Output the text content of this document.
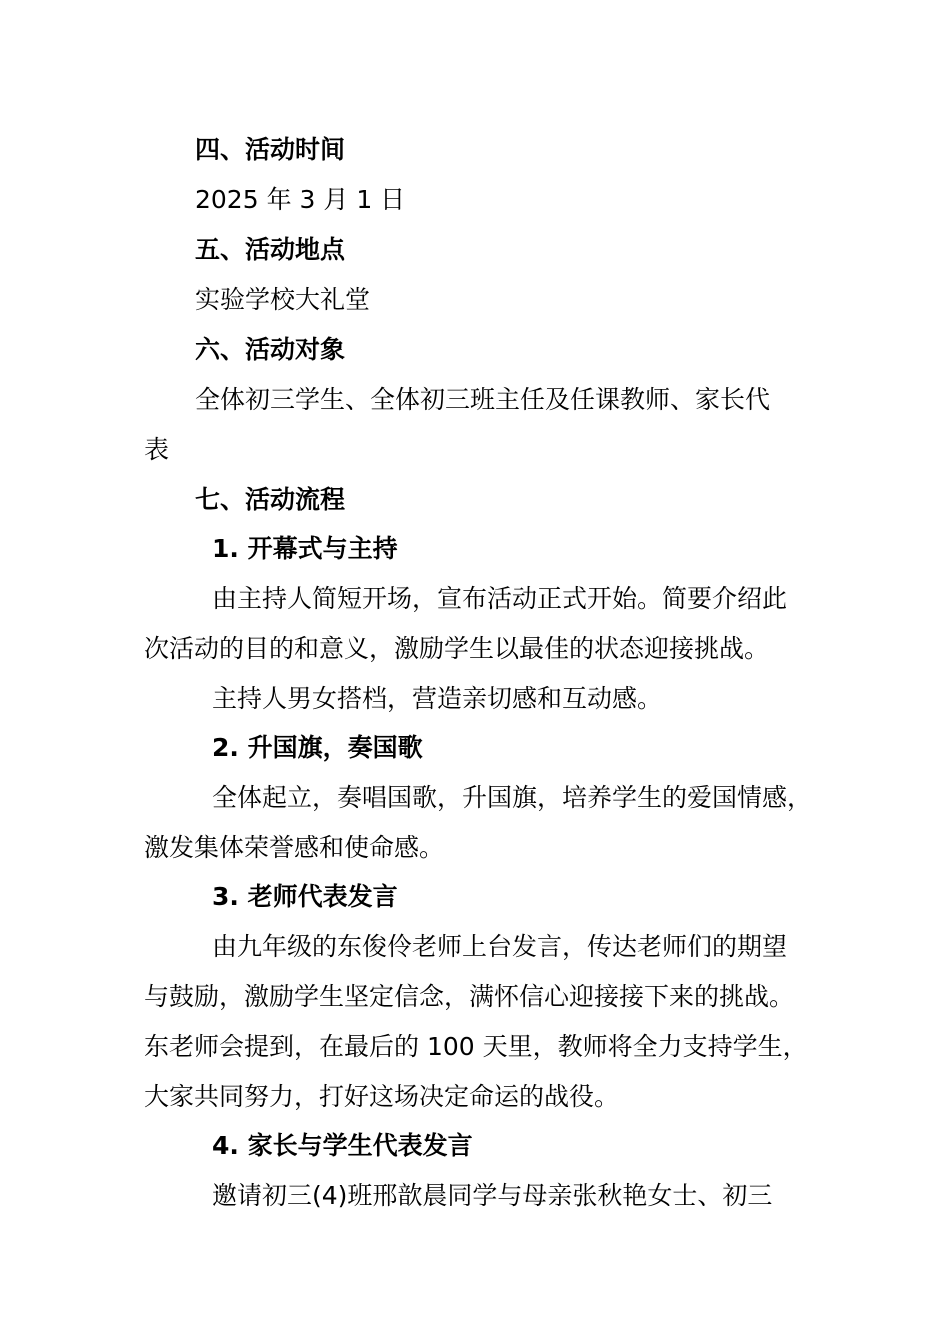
四、活动时间
2025 年 3 月 1 日
五、活动地点
实验学校大礼堂
六、活动对象
全体初三学生、全体初三班主任及任课教师、家长代
表
七、活动流程
1. 开幕式与主持
由主持人简短开场，宣布活动正式开始。简要介绍此
次活动的目的和意义，激励学生以最佳的状态迎接挑战。
主持人男女搭档，营造亲切感和互动感。
2. 升国旗，奏国歌
全体起立，奏唱国歌，升国旗，培养学生的爱国情感，
激发集体荣誉感和使命感。
3. 老师代表发言
由九年级的东俊伶老师上台发言，传达老师们的期望
与鼓励，激励学生坚定信念，满怀信心迎接接下来的挑战。
东老师会提到，在最后的 100 天里，教师将全力支持学生，
大家共同努力，打好这场决定命运的战役。
4. 家长与学生代表发言
邀请初三(4)班邢歆晨同学与母亲张秋艳女士、初三
